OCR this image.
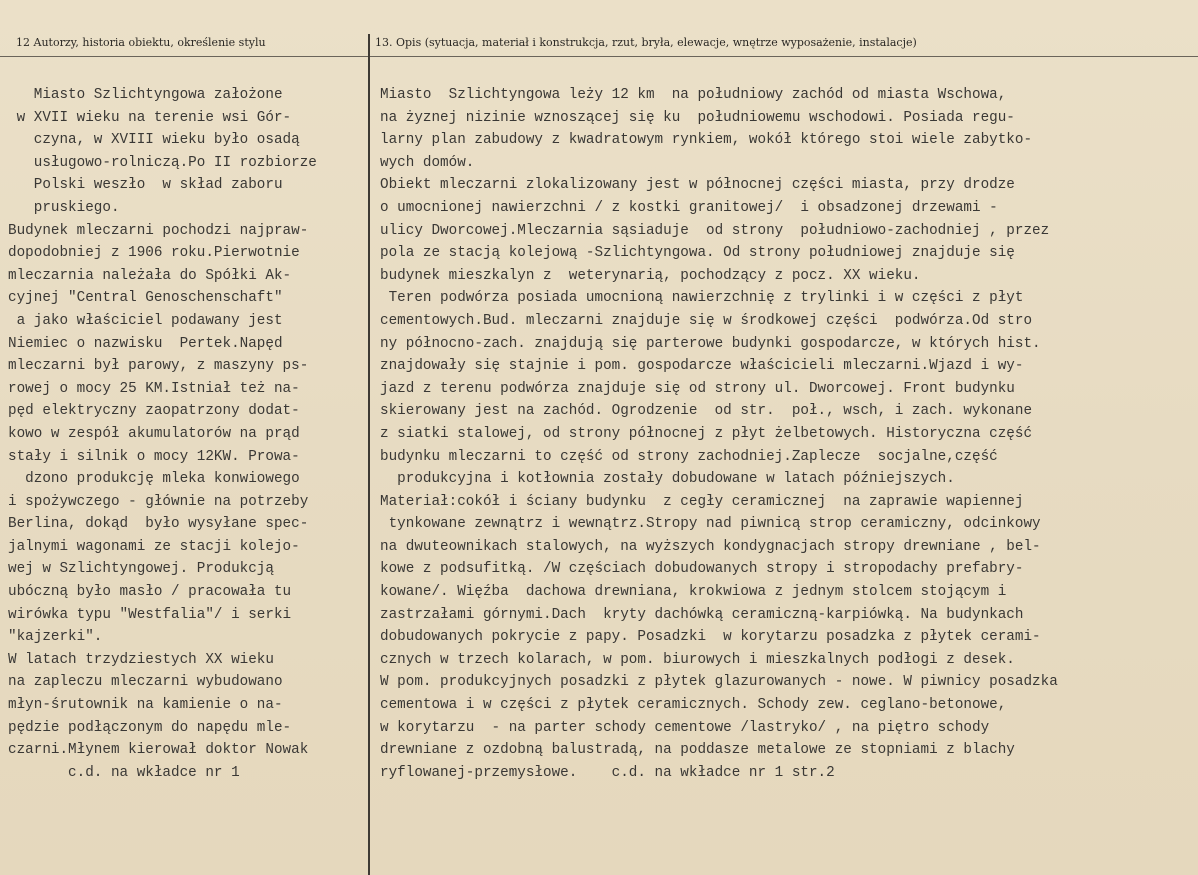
12 Autorzy, historia obiektu, określenie stylu	13. Opis (sytuacja, materiał i konstrukcja, rzut, bryła, elewacje, wnętrze wyposażenie, instalacje)
Miasto Szlichtyngowa założone
w XVII wieku na terenie wsi Gór-
czyna, w XVIII wieku było osadą
usługowo-rolniczą.Po II rozbiorze
Polski weszło  w skład zaboru
pruskiego.
Budynek mleczarni pochodzi najpraw-
dopodobniej z 1906 roku.Pierwotnie
mleczarnia należała do Spółki Ak-
cyjnej "Central Genoschenschaft"
a jako właściciel podawany jest
Niemiec o nazwisku  Pertek.Napęd
mleczarni był parowy, z maszyny ps-
rowej o mocy 25 KM.Istniał też na-
pęd elektryczny zaopatrzony dodat-
kowo w zespół akumulatorów na prąd
stały i silnik o mocy 12KW. Prowa-
dzono produkcję mleka konwiowego
i spożywczego - głównie na potrzeby
Berlina, dokąd  było wysyłane spec-
jalnymi wagonami ze stacji kolejo-
wej w Szlichtyngowej. Produkcją
ubóczną było masło / pracowała tu
wirówka typu "Westfalia"/ i serki
"kajzerki".
W latach trzydziestych XX wieku
na zapleczu mleczarni wybudowano
młyn-śrutownik na kamienie o na-
pędzie podłączonym do napędu mle-
czarni.Młynem kierował doktor Nowak
c.d. na wkładce nr 1
Miasto  Szlichtyngowa leży 12 km  na południowy zachód od miasta Wschowa,
na żyznej nizinie wznoszącej się ku  południowemu wschodowi. Posiada regu-
larny plan zabudowy z kwadratowym rynkiem, wokół którego stoi wiele zabytko-
wych domów.
Obiekt mleczarni zlokalizowany jest w północnej części miasta, przy drodze
o umocnionej nawierzchni / z kostki granitowej/  i obsadzonej drzewami -
ulicy Dworcowej.Mleczarnia sąsiaduje  od strony  południowo-zachodniej , przez
pola ze stacją kolejową -Szlichtyngowa. Od strony południowej znajduje się
budynek mieszkalyn z  weterynarią, pochodzący z pocz. XX wieku.
Teren podwórza posiada umocnioną nawierzchnię z trylinki i w części z płyt
cementowych.Bud. mleczarni znajduje się w środkowej części  podwórza.Od stro
ny północno-zach. znajdują się parterowe budynki gospodarcze, w których hist.
znajdowały się stajnie i pom. gospodarcze właścicieli mleczarni.Wjazd i wy-
jazd z terenu podwórza znajduje się od strony ul. Dworcowej. Front budynku
skierowany jest na zachód. Ogrodzenie  od str.  poł., wsch, i zach. wykonane
z siatki stalowej, od strony północnej z płyt żelbetowych. Historyczna część
budynku mleczarni to część od strony zachodniej.Zaplecze  socjalne,część
produkcyjna i kotłownia zostały dobudowane w latach późniejszych.
Materiał:cokół i ściany budynku  z cegły ceramicznej  na zaprawie wapiennej
tynkowane zewnątrz i wewnątrz.Stropy nad piwnicą strop ceramiczny, odcinkowy
na dwuteownikach stalowych, na wyższych kondygnacjach stropy drewniane , bel-
kowe z podsufitką. /W częściach dobudowanych stropy i stropodachy prefabry-
kowane/. Więźba  dachowa drewniana, krokwiowa z jednym stolcem stojącym i
zastrzałami górnymi.Dach  kryty dachówką ceramiczną-karpiówką. Na budynkach
dobudowanych pokrycie z papy. Posadzki  w korytarzu posadzka z płytek cerami-
cznych w trzech kolarach, w pom. biurowych i mieszkalnych podłogi z desek.
W pom. produkcyjnych posadzki z płytek glazurowanych - nowe. W piwnicy posadzka
cementowa i w części z płytek ceramicznych. Schody zew. ceglano-betonowe,
w korytarzu  - na parter schody cementowe /lastryko/ , na piętro schody
drewniane z ozdobną balustradą, na poddasze metalowe ze stopniami z blachy
ryflowanej-przemysłowe.    c.d. na wkładce nr 1 str.2
